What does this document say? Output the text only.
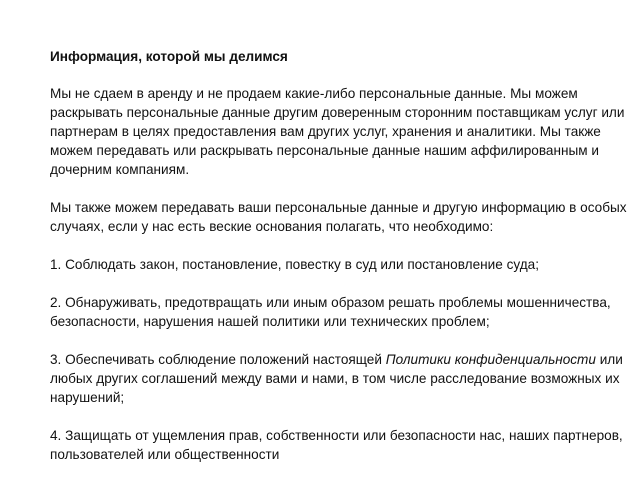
Информация, которой мы делимся

Мы не сдаем в аренду и не продаем какие-либо персональные данные. Мы можем раскрывать персональные данные другим доверенным сторонним поставщикам услуг или партнерам в целях предоставления вам других услуг, хранения и аналитики. Мы также можем передавать или раскрывать персональные данные нашим аффилированным и дочерним компаниям.

Мы также можем передавать ваши персональные данные и другую информацию в особых случаях, если у нас есть веские основания полагать, что необходимо:

1. Соблюдать закон, постановление, повестку в суд или постановление суда;

2. Обнаруживать, предотвращать или иным образом решать проблемы мошенничества, безопасности, нарушения нашей политики или технических проблем;

3. Обеспечивать соблюдение положений настоящей Политики конфиденциальности или любых других соглашений между вами и нами, в том числе расследование возможных их нарушений;

4. Защищать от ущемления прав, собственности или безопасности нас, наших партнеров, пользователей или общественности
